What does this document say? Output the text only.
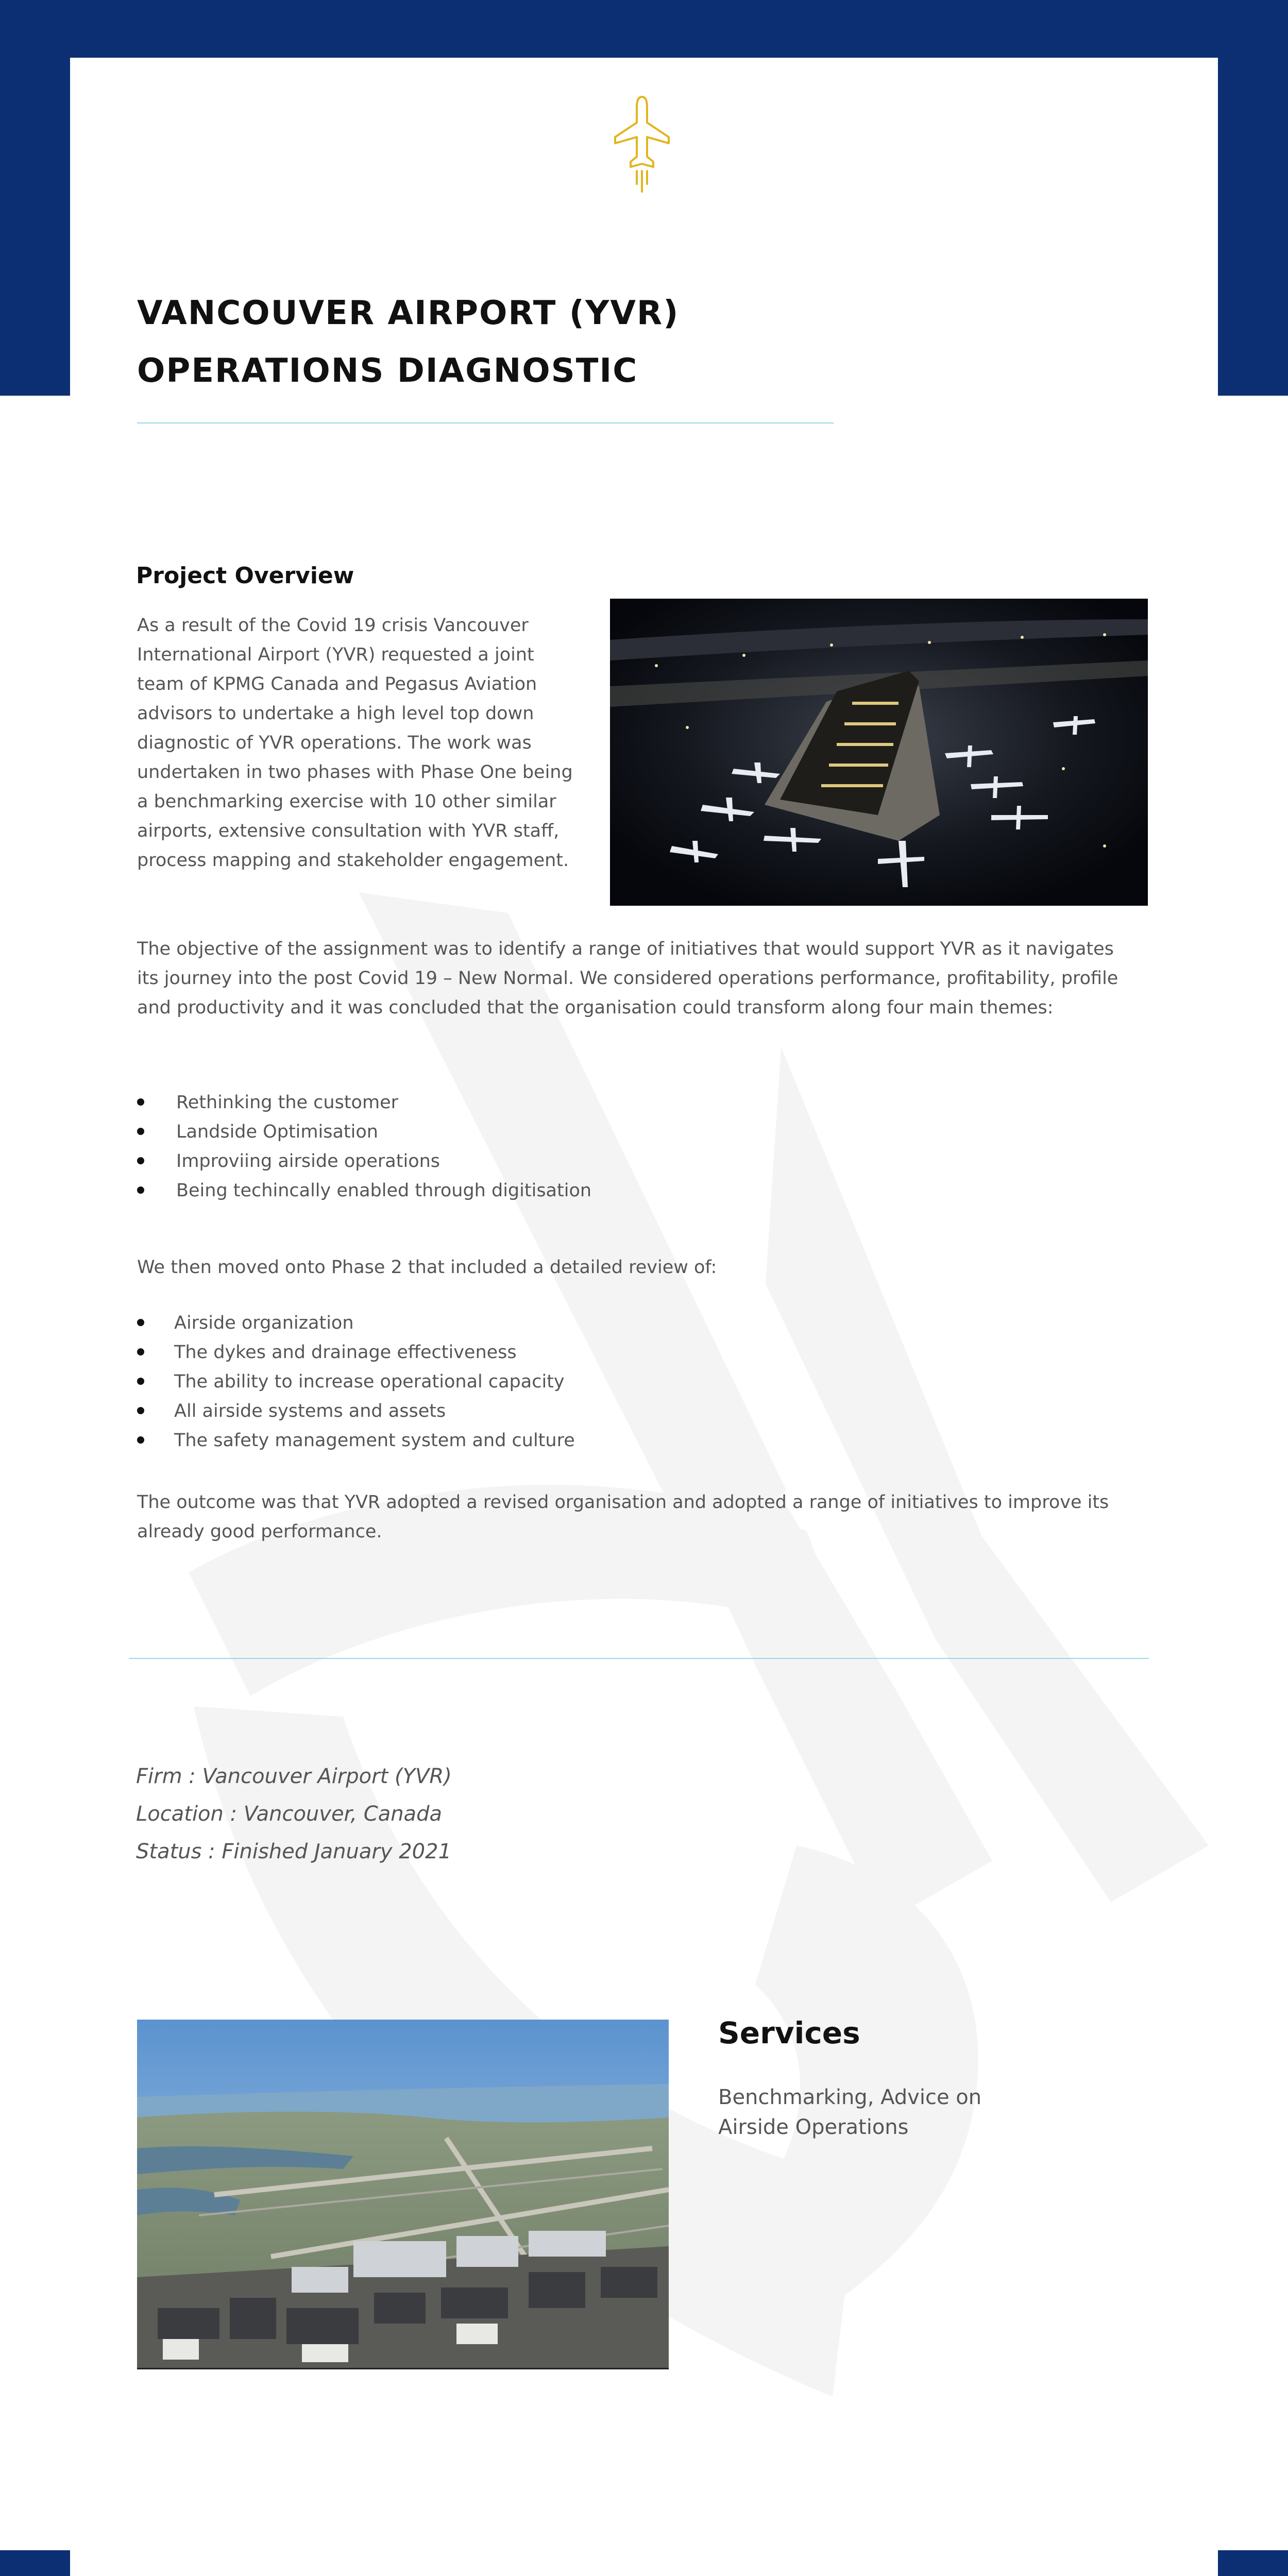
VANCOUVER AIRPORT (YVR)
OPERATIONS DIAGNOSTIC
Project Overview

As a result of the Covid 19 crisis Vancouver International Airport (YVR) requested a joint team of KPMG Canada and Pegasus Aviation advisors to undertake a high level top down diagnostic of YVR operations. The work was undertaken in two phases with Phase One being a benchmarking exercise with 10 other similar airports, extensive consultation with YVR staff, process mapping and stakeholder engagement.

The objective of the assignment was to identify a range of initiatives that would support YVR as it navigates its journey into the post Covid 19 – New Normal. We considered operations performance, profitability, profile and productivity and it was concluded that the organisation could transform along four main themes:

Rethinking the customer
Landside Optimisation
Improviing airside operations
Being techincally enabled through digitisation

We then moved onto Phase 2 that included a detailed review of:

Airside organization
The dykes and drainage effectiveness
The ability to increase operational capacity
All airside systems and assets
The safety management system and culture

The outcome was that YVR adopted a revised organisation and adopted a range of initiatives to improve its already good performance.

Firm : Vancouver Airport (YVR)
Location : Vancouver, Canada
Status : Finished January 2021
Services

Benchmarking, Advice on Airside Operations
